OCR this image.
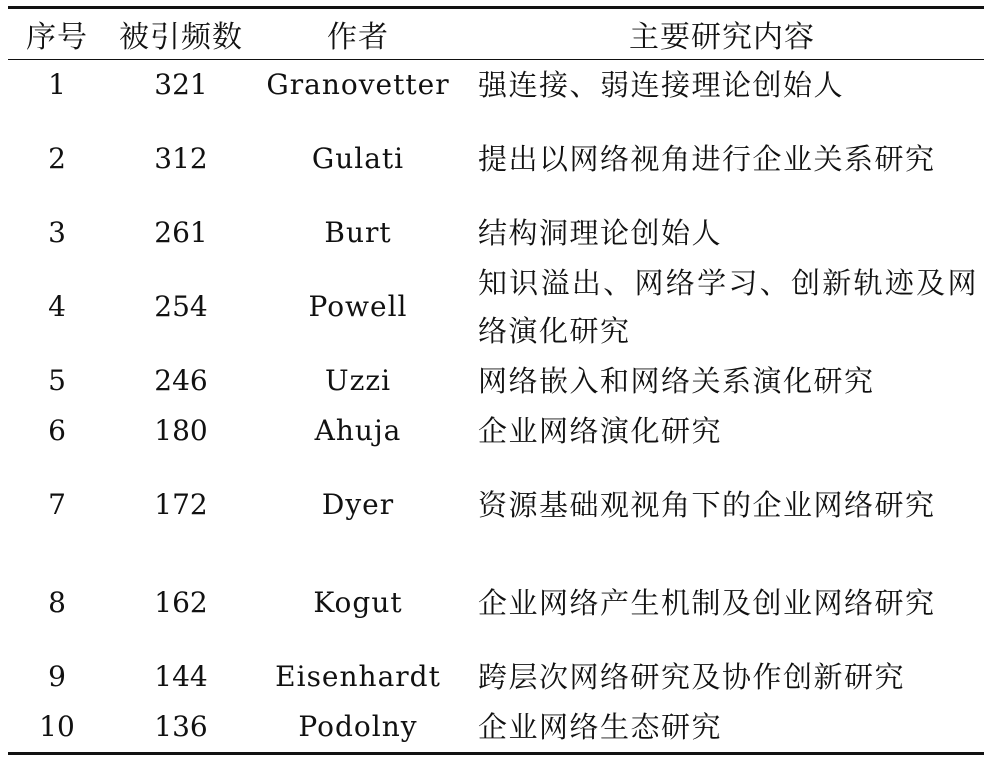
序号	被引频数	作者	主要研究内容
1	321	Granovetter	强连接、弱连接理论创始人
2	312	Gulati	提出以网络视角进行企业关系研究
3	261	Burt	结构洞理论创始人
4	254	Powell	知识溢出、网络学习、创新轨迹及网络演化研究
5	246	Uzzi	网络嵌入和网络关系演化研究
6	180	Ahuja	企业网络演化研究
7	172	Dyer	资源基础观视角下的企业网络研究
8	162	Kogut	企业网络产生机制及创业网络研究
9	144	Eisenhardt	跨层次网络研究及协作创新研究
10	136	Podolny	企业网络生态研究
